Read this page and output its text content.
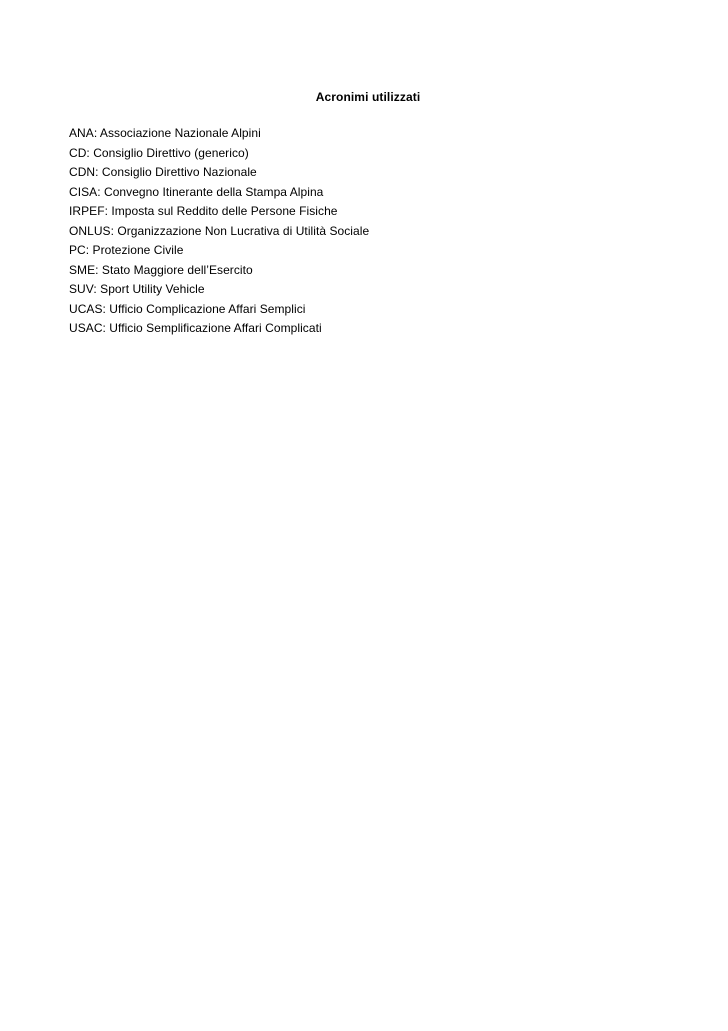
Acronimi utilizzati
ANA: Associazione Nazionale Alpini
CD: Consiglio Direttivo (generico)
CDN: Consiglio Direttivo Nazionale
CISA: Convegno Itinerante della Stampa Alpina
IRPEF: Imposta sul Reddito delle Persone Fisiche
ONLUS: Organizzazione Non Lucrativa di Utilità Sociale
PC: Protezione Civile
SME: Stato Maggiore dell’Esercito
SUV: Sport Utility Vehicle
UCAS: Ufficio Complicazione Affari Semplici
USAC: Ufficio Semplificazione Affari Complicati
